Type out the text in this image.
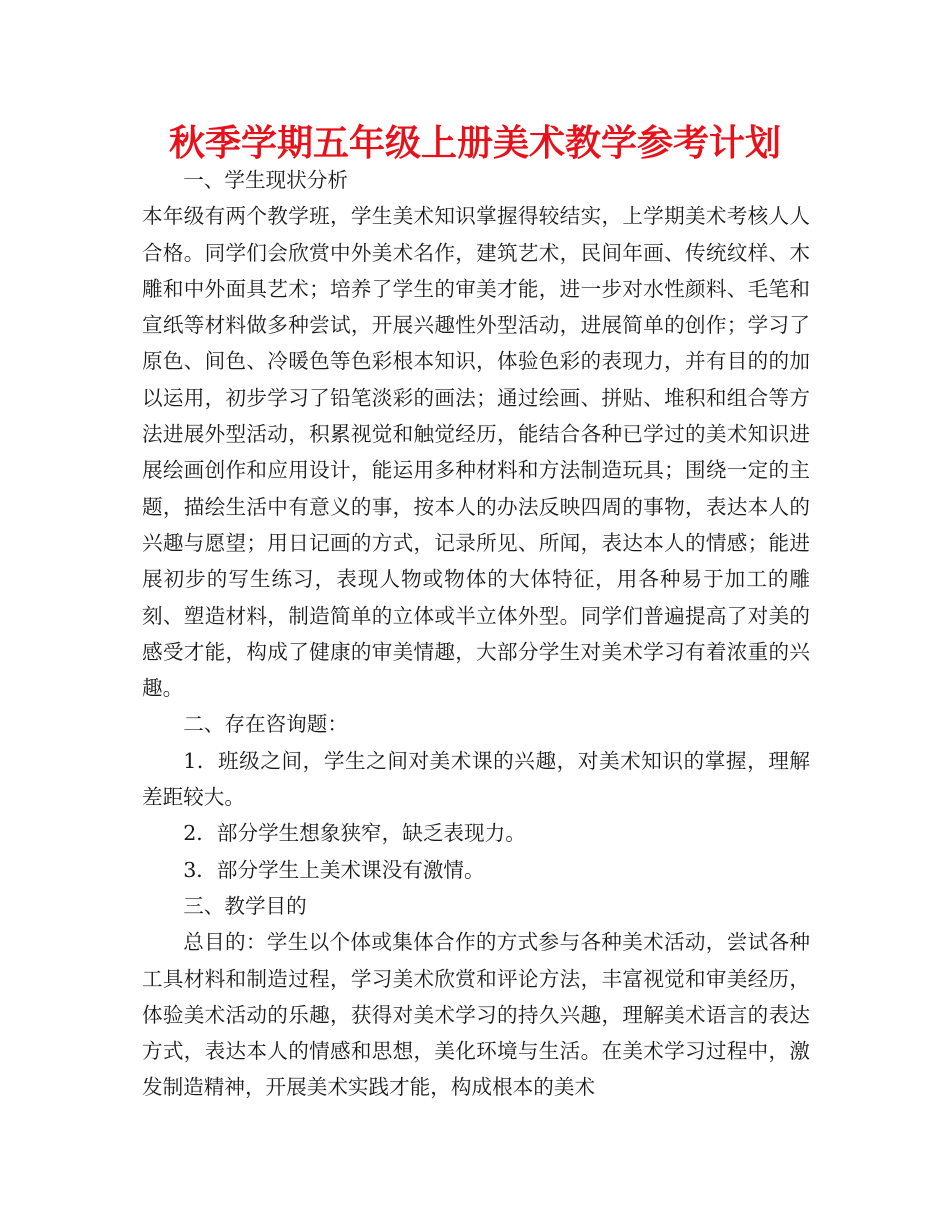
秋季学期五年级上册美术教学参考计划

一、学生现状分析

本年级有两个教学班，学生美术知识掌握得较结实，上学期美术考核人人合格。同学们会欣赏中外美术名作，建筑艺术，民间年画、传统纹样、木雕和中外面具艺术；培养了学生的审美才能，进一步对水性颜料、毛笔和宣纸等材料做多种尝试，开展兴趣性外型活动，进展简单的创作；学习了原色、间色、冷暖色等色彩根本知识，体验色彩的表现力，并有目的的加以运用，初步学习了铅笔淡彩的画法；通过绘画、拼贴、堆积和组合等方法进展外型活动，积累视觉和触觉经历，能结合各种已学过的美术知识进展绘画创作和应用设计，能运用多种材料和方法制造玩具；围绕一定的主题，描绘生活中有意义的事，按本人的办法反映四周的事物，表达本人的兴趣与愿望；用日记画的方式，记录所见、所闻，表达本人的情感；能进展初步的写生练习，表现人物或物体的大体特征，用各种易于加工的雕刻、塑造材料，制造简单的立体或半立体外型。同学们普遍提高了对美的感受才能，构成了健康的审美情趣，大部分学生对美术学习有着浓重的兴趣。

二、存在咨询题：

1．班级之间，学生之间对美术课的兴趣，对美术知识的掌握，理解差距较大。

2．部分学生想象狭窄，缺乏表现力。

3．部分学生上美术课没有激情。

三、教学目的

总目的：学生以个体或集体合作的方式参与各种美术活动，尝试各种工具材料和制造过程，学习美术欣赏和评论方法，丰富视觉和审美经历，体验美术活动的乐趣，获得对美术学习的持久兴趣，理解美术语言的表达方式，表达本人的情感和思想，美化环境与生活。在美术学习过程中，激发制造精神，开展美术实践才能，构成根本的美术
